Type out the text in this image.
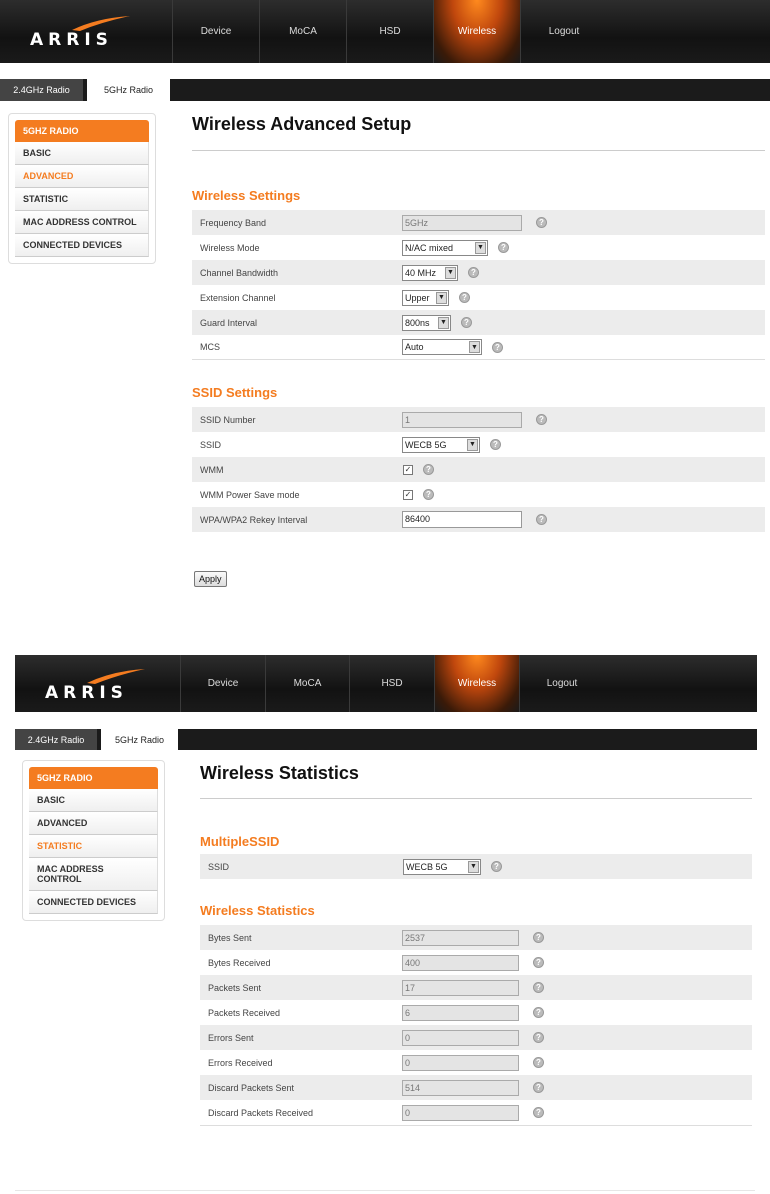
ARRIS	Device	MoCA	HSD	Wireless	Logout
2.4GHz Radio	5GHz Radio
5GHZ RADIO
BASIC
ADVANCED
STATISTIC
MAC ADDRESS CONTROL
CONNECTED DEVICES
Wireless Advanced Setup
Wireless Settings
Frequency Band	5GHz	?
Wireless Mode	N/AC mixed	▼	?
Channel Bandwidth	40 MHz ▼	?
Extension Channel	Upper ▼	?
Guard Interval	800ns ▼	?
MCS	Auto	▼	?
SSID Settings
SSID Number	1	?
SSID	WECB 5G	▼	?
WMM	✓	?
WMM Power Save mode	✓	?
WPA/WPA2 Rekey Interval	86400	?
Apply
ARRIS	Device	MoCA	HSD	Wireless	Logout
2.4GHz Radio	5GHz Radio
5GHZ RADIO
BASIC
ADVANCED
STATISTIC
MAC ADDRESS CONTROL
CONNECTED DEVICES
Wireless Statistics
MultipleSSID
SSID	WECB 5G	▼	?
Wireless Statistics
Bytes Sent	2537	?
Bytes Received	400	?
Packets Sent	17	?
Packets Received	6	?
Errors Sent	0	?
Errors Received	0	?
Discard Packets Sent	514	?
Discard Packets Received	0	?
